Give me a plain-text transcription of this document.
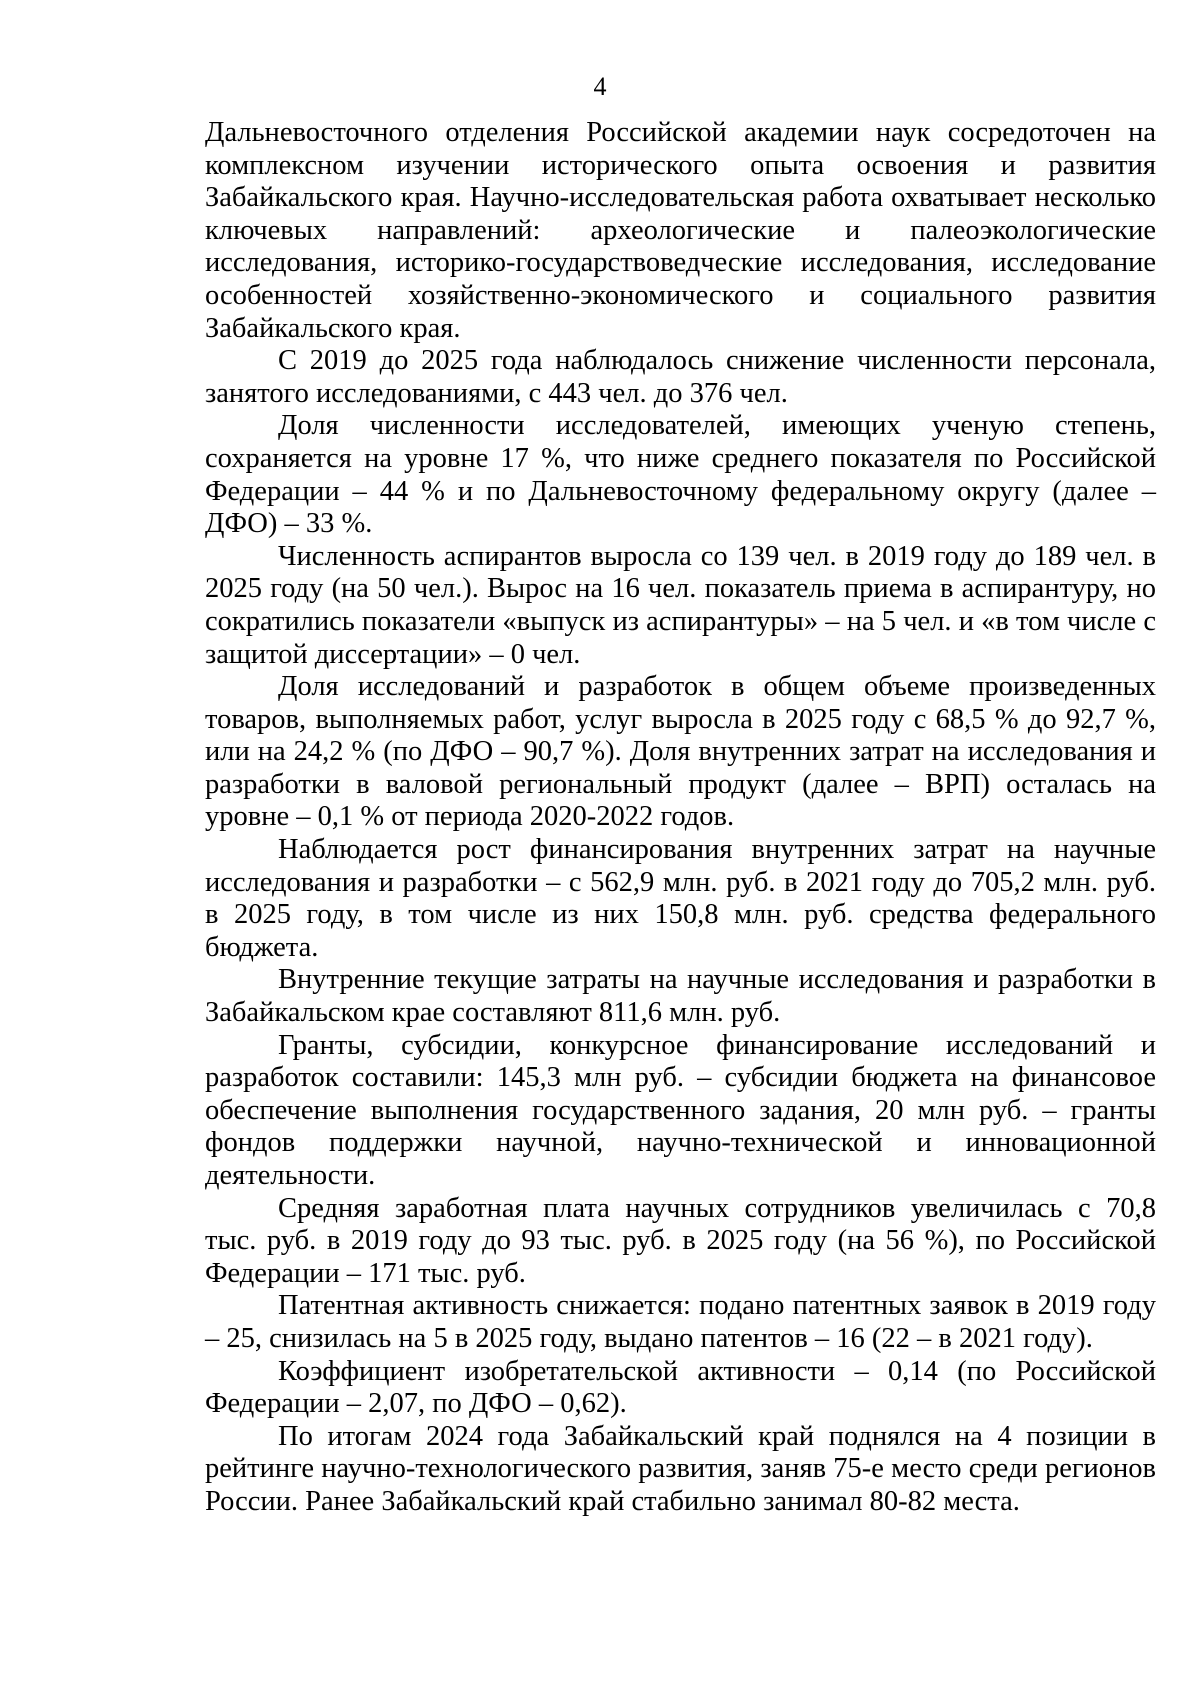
4

Дальневосточного отделения Российской академии наук сосредоточен на комплексном изучении исторического опыта освоения и развития Забайкальского края. Научно-исследовательская работа охватывает несколько ключевых направлений: археологические и палеоэкологические исследования, историко-государствоведческие исследования, исследование особенностей хозяйственно-экономического и социального развития Забайкальского края.

С 2019 до 2025 года наблюдалось снижение численности персонала, занятого исследованиями, с 443 чел. до 376 чел.

Доля численности исследователей, имеющих ученую степень, сохраняется на уровне 17 %, что ниже среднего показателя по Российской Федерации – 44 % и по Дальневосточному федеральному округу (далее – ДФО) – 33 %.

Численность аспирантов выросла со 139 чел. в 2019 году до 189 чел. в 2025 году (на 50 чел.). Вырос на 16 чел. показатель приема в аспирантуру, но сократились показатели «выпуск из аспирантуры» – на 5 чел. и «в том числе с защитой диссертации» – 0 чел.

Доля исследований и разработок в общем объеме произведенных товаров, выполняемых работ, услуг выросла в 2025 году с 68,5 % до 92,7 %, или на 24,2 % (по ДФО – 90,7 %). Доля внутренних затрат на исследования и разработки в валовой региональный продукт (далее – ВРП) осталась на уровне – 0,1 % от периода 2020-2022 годов.

Наблюдается рост финансирования внутренних затрат на научные исследования и разработки – с 562,9 млн. руб. в 2021 году до 705,2 млн. руб. в 2025 году, в том числе из них 150,8 млн. руб. средства федерального бюджета.

Внутренние текущие затраты на научные исследования и разработки в Забайкальском крае составляют 811,6 млн. руб.

Гранты, субсидии, конкурсное финансирование исследований и разработок составили: 145,3 млн руб. – субсидии бюджета на финансовое обеспечение выполнения государственного задания, 20 млн руб. – гранты фондов поддержки научной, научно-технической и инновационной деятельности.

Средняя заработная плата научных сотрудников увеличилась с 70,8 тыс. руб. в 2019 году до 93 тыс. руб. в 2025 году (на 56 %), по Российской Федерации – 171 тыс. руб.

Патентная активность снижается: подано патентных заявок в 2019 году – 25, снизилась на 5 в 2025 году, выдано патентов – 16 (22 – в 2021 году).

Коэффициент изобретательской активности – 0,14 (по Российской Федерации – 2,07, по ДФО – 0,62).

По итогам 2024 года Забайкальский край поднялся на 4 позиции в рейтинге научно-технологического развития, заняв 75-е место среди регионов России. Ранее Забайкальский край стабильно занимал 80-82 места.
